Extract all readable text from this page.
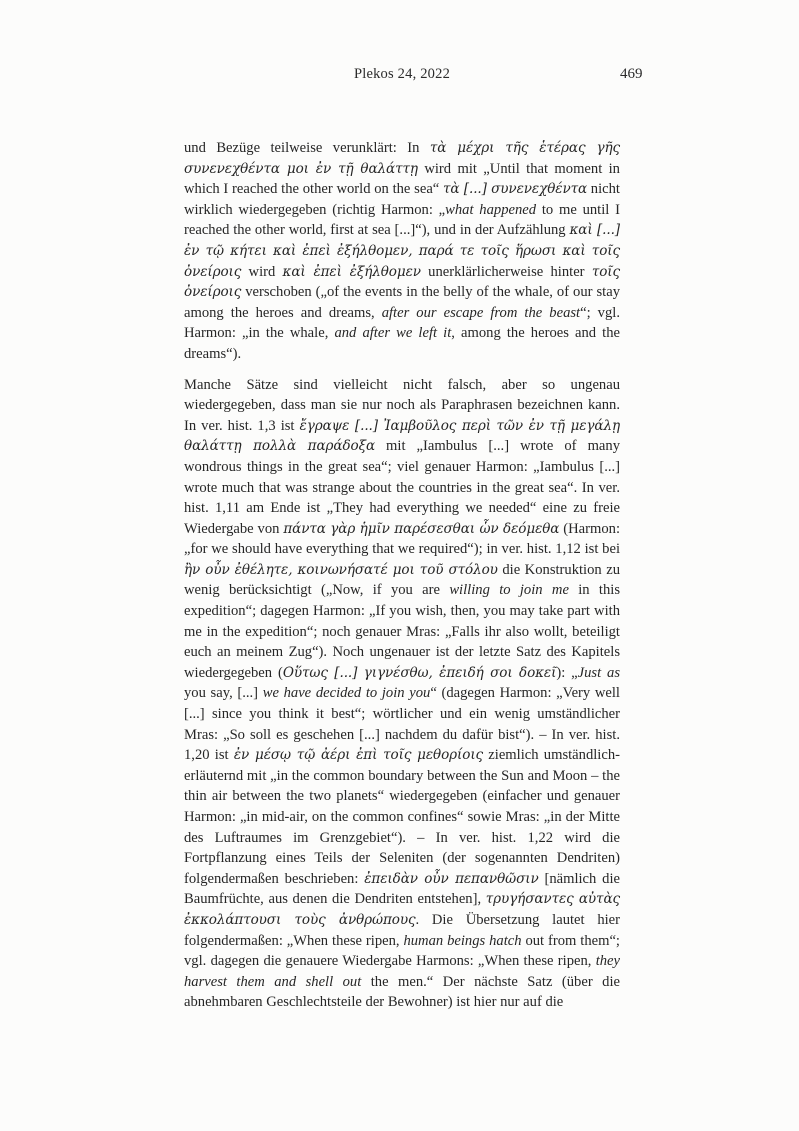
Plekos 24, 2022	469

und Bezüge teilweise verunklärt: In τὰ μέχρι τῆς ἑτέρας γῆς συνενεχθέντα μοι ἐν τῇ θαλάττῃ wird mit „Until that moment in which I reached the other world on the sea“ τὰ [...] συνενεχθέντα nicht wirklich wiedergegeben (richtig Harmon: „what happened to me until I reached the other world, first at sea [...]“), und in der Aufzählung καὶ [...] ἐν τῷ κήτει καὶ ἐπεὶ ἐξήλθομεν, παρά τε τοῖς ἥρωσι καὶ τοῖς ὀνείροις wird καὶ ἐπεὶ ἐξήλθομεν unerklärlicherweise hinter τοῖς ὀνείροις verschoben („of the events in the belly of the whale, of our stay among the heroes and dreams, after our escape from the beast“; vgl. Harmon: „in the whale, and after we left it, among the heroes and the dreams“).

Manche Sätze sind vielleicht nicht falsch, aber so ungenau wiedergegeben, dass man sie nur noch als Paraphrasen bezeichnen kann. In ver. hist. 1,3 ist ἔγραψε [...] Ἰαμβοῦλος περὶ τῶν ἐν τῇ μεγάλῃ θαλάττῃ πολλὰ παράδοξα mit „Iambulus [...] wrote of many wondrous things in the great sea“; viel genauer Harmon: „Iambulus [...] wrote much that was strange about the countries in the great sea“. In ver. hist. 1,11 am Ende ist „They had everything we needed“ eine zu freie Wiedergabe von πάντα γὰρ ἡμῖν παρέσεσθαι ὧν δεόμεθα (Harmon: „for we should have everything that we required“); in ver. hist. 1,12 ist bei ἢν οὖν ἐθέλητε, κοινωνήσατέ μοι τοῦ στόλου die Konstruktion zu wenig berücksichtigt („Now, if you are willing to join me in this expedition“; dagegen Harmon: „If you wish, then, you may take part with me in the expedition“; noch genauer Mras: „Falls ihr also wollt, beteiligt euch an meinem Zug“). Noch ungenauer ist der letzte Satz des Kapitels wiedergegeben (Οὕτως [...] γιγνέσθω, ἐπειδή σοι δοκεῖ): „Just as you say, [...] we have decided to join you“ (dagegen Harmon: „Very well [...] since you think it best“; wörtlicher und ein wenig umständlicher Mras: „So soll es geschehen [...] nachdem du dafür bist“). – In ver. hist. 1,20 ist ἐν μέσῳ τῷ ἀέρι ἐπὶ τοῖς μεθορίοις ziemlich umständlich-erläuternd mit „in the common boundary between the Sun and Moon – the thin air between the two planets“ wiedergegeben (einfacher und genauer Harmon: „in mid-air, on the common confines“ sowie Mras: „in der Mitte des Luftraumes im Grenzgebiet“). – In ver. hist. 1,22 wird die Fortpflanzung eines Teils der Seleniten (der sogenannten Dendriten) folgendermaßen beschrieben: ἐπειδὰν οὖν πεπανθῶσιν [nämlich die Baumfrüchte, aus denen die Dendriten entstehen], τρυγήσαντες αὐτὰς ἐκκολάπτουσι τοὺς ἀνθρώπους. Die Übersetzung lautet hier folgendermaßen: „When these ripen, human beings hatch out from them“; vgl. dagegen die genauere Wiedergabe Harmons: „When these ripen, they harvest them and shell out the men.“ Der nächste Satz (über die abnehmbaren Geschlechtsteile der Bewohner) ist hier nur auf die
